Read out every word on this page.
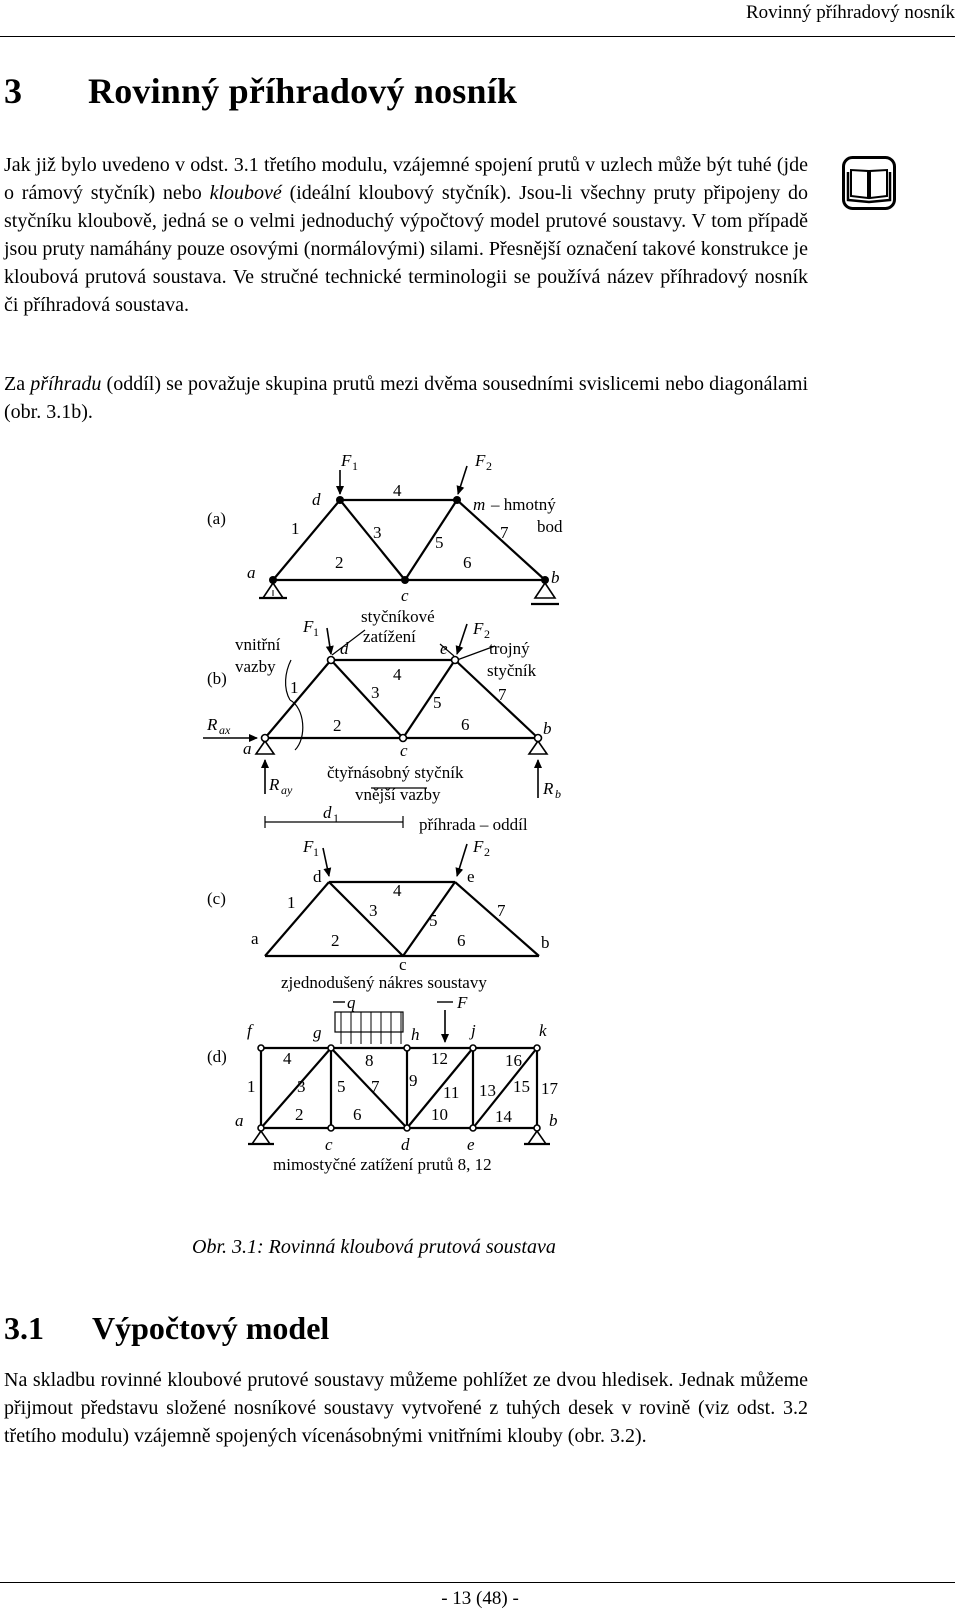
Rovinný příhradový nosník
3 Rovinný příhradový nosník

Jak již bylo uvedeno v odst. 3.1 třetího modulu, vzájemné spojení prutů v uzlech může být tuhé (jde o rámový styčník) nebo kloubové (ideální kloubový styčník). Jsou-li všechny pruty připojeny do styčníku kloubově, jedná se o velmi jednoduchý výpočtový model prutové soustavy. V tom případě jsou pruty namáhány pouze osovými (normálovými) silami. Přesnější označení takové konstrukce je kloubová prutová soustava. Ve stručné technické terminologii se používá název příhradový nosník či příhradová soustava.

Za příhradu (oddíl) se považuje skupina prutů mezi dvěma sousedními svislicemi nebo diagonálami (obr. 3.1b).

(a)
F 1	F 2
d
a	b
c
m – hmotný
bod
1
2
3
4
5
6
7
(b)
F 1	F 2
d	e
a
b
c
1
2
3
4
5
6
7
styčníkové
zatížení
vnitřní
vazby
trojný
styčník
R ax
R ay	R b
čtyřnásobný styčník
vnější vazby
d 1	příhrada – oddíl
(c)
F 1	F 2
d	e
a	b
c
1
2
3
4
5
6
7
zjednodušený nákres soustavy
(d)
q	F
f	g	h	j	k
a	b
c	d	e
1
2
3
4
5
6
7
8
9
10
11
12
13
14
15
16
17
mimostyčné zatížení prutů 8, 12
Obr. 3.1: Rovinná kloubová prutová soustava
3.1 Výpočtový model

Na skladbu rovinné kloubové prutové soustavy můžeme pohlížet ze dvou hledisek. Jednak můžeme přijmout představu složené nosníkové soustavy vytvořené z tuhých desek v rovině (viz odst. 3.2 třetího modulu) vzájemně spojených vícenásobnými vnitřními klouby (obr. 3.2).

- 13 (48) -
